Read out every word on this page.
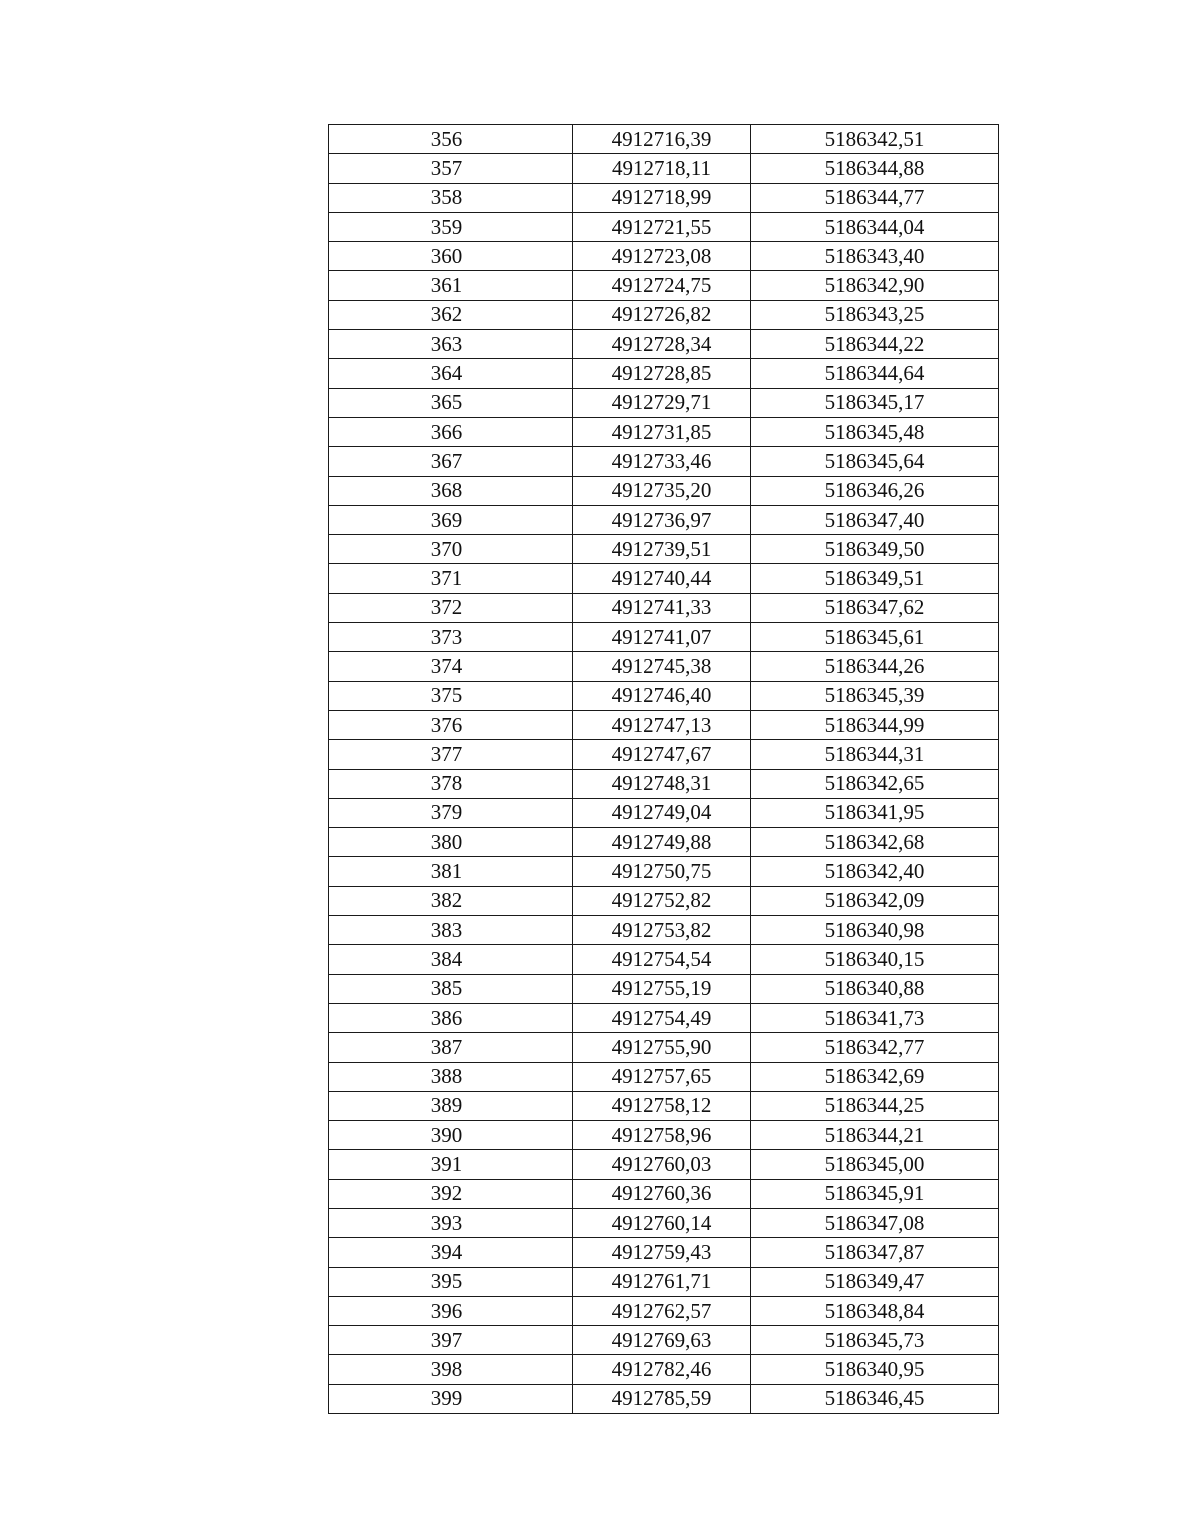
356	4912716,39	5186342,51
357	4912718,11	5186344,88
358	4912718,99	5186344,77
359	4912721,55	5186344,04
360	4912723,08	5186343,40
361	4912724,75	5186342,90
362	4912726,82	5186343,25
363	4912728,34	5186344,22
364	4912728,85	5186344,64
365	4912729,71	5186345,17
366	4912731,85	5186345,48
367	4912733,46	5186345,64
368	4912735,20	5186346,26
369	4912736,97	5186347,40
370	4912739,51	5186349,50
371	4912740,44	5186349,51
372	4912741,33	5186347,62
373	4912741,07	5186345,61
374	4912745,38	5186344,26
375	4912746,40	5186345,39
376	4912747,13	5186344,99
377	4912747,67	5186344,31
378	4912748,31	5186342,65
379	4912749,04	5186341,95
380	4912749,88	5186342,68
381	4912750,75	5186342,40
382	4912752,82	5186342,09
383	4912753,82	5186340,98
384	4912754,54	5186340,15
385	4912755,19	5186340,88
386	4912754,49	5186341,73
387	4912755,90	5186342,77
388	4912757,65	5186342,69
389	4912758,12	5186344,25
390	4912758,96	5186344,21
391	4912760,03	5186345,00
392	4912760,36	5186345,91
393	4912760,14	5186347,08
394	4912759,43	5186347,87
395	4912761,71	5186349,47
396	4912762,57	5186348,84
397	4912769,63	5186345,73
398	4912782,46	5186340,95
399	4912785,59	5186346,45
